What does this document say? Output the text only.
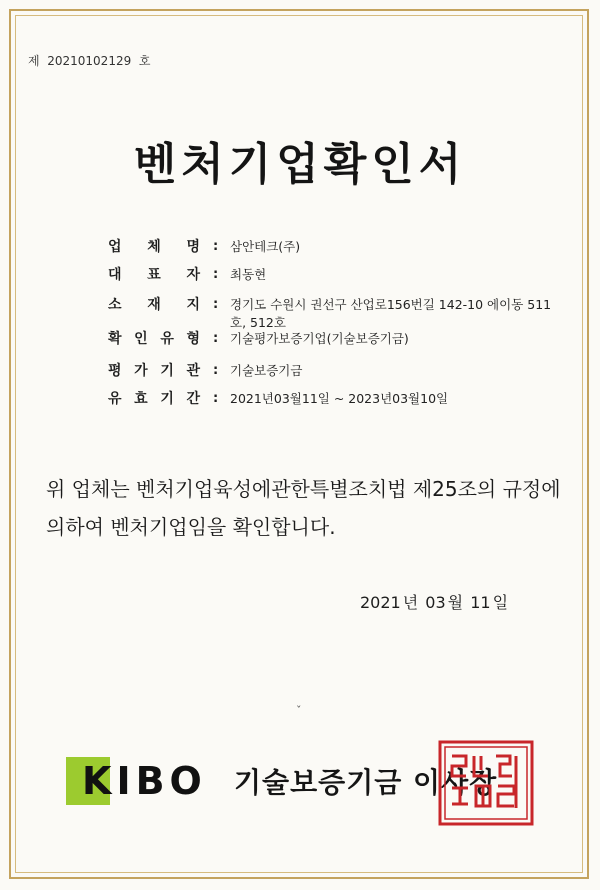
제 20210102129 호
벤처기업확인서
업 체 명 : 삼안테크(주)
대 표 자 : 최동현
소 재 지 : 경기도 수원시 권선구 산업로156번길 142-10 에이동 511호, 512호
확 인 유 형 : 기술평가보증기업(기술보증기금)
평 가 기 관 : 기술보증기금
유 효 기 간 : 2021년03월11일 ~ 2023년03월10일
위 업체는 벤처기업육성에관한특별조치법 제25조의 규정에 의하여 벤처기업임을 확인합니다.
2021 년 03 월 11 일
ˇ
KIBO 기술보증기금 이사장
